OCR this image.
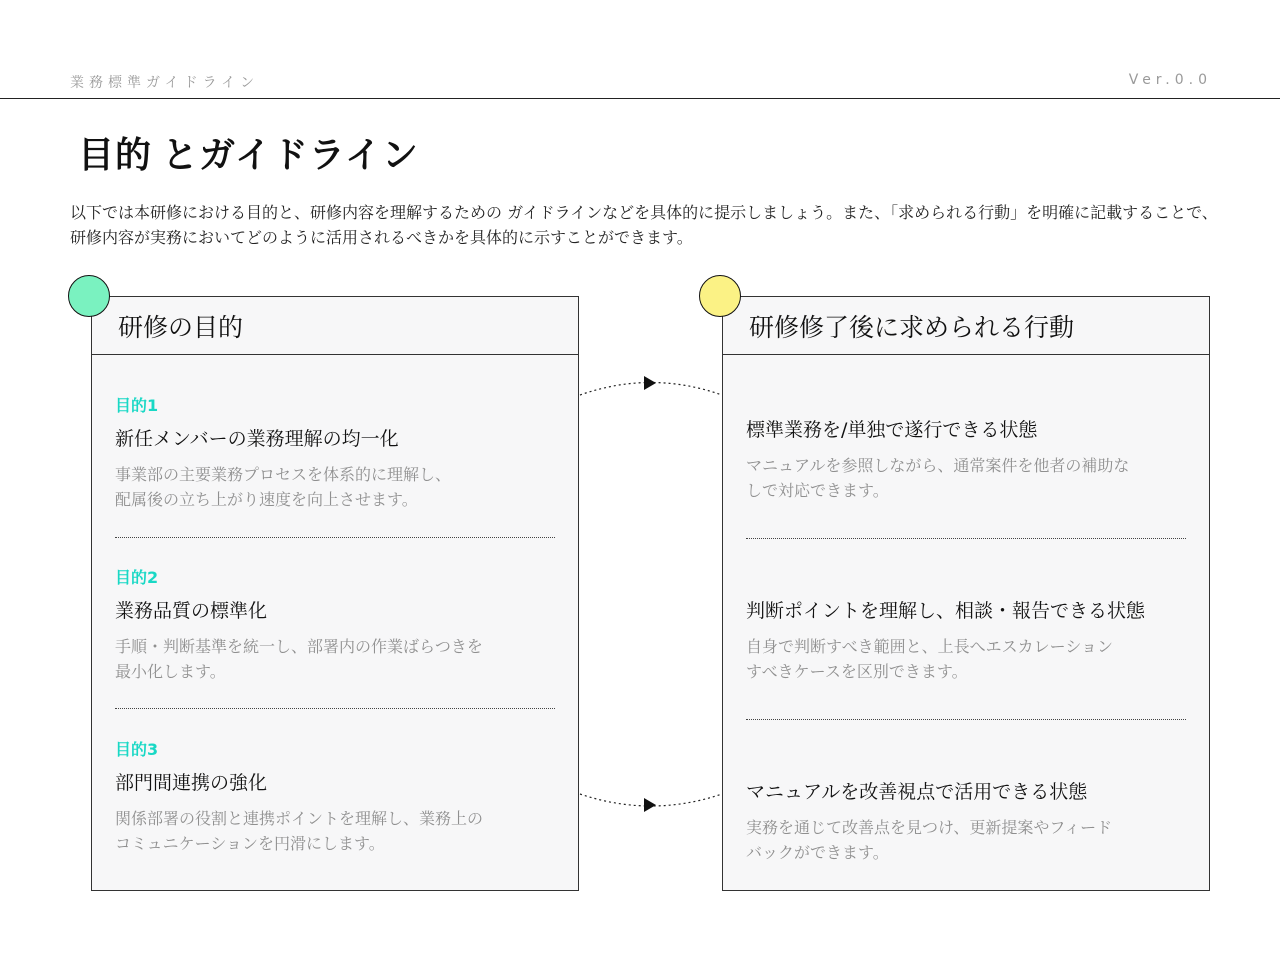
業務標準ガイドライン	Ver.0.0
目的 とガイドライン
以下では本研修における目的と、研修内容を理解するための ガイドラインなどを具体的に提示しましょう。また、「求められる行動」を明確に記載することで、研修内容が実務においてどのように活用されるべきかを具体的に示すことができます。
研修の目的
目的1
新任メンバーの業務理解の均一化
事業部の主要業務プロセスを体系的に理解し、
配属後の立ち上がり速度を向上させます。
目的2
業務品質の標準化
手順・判断基準を統一し、部署内の作業ばらつきを
最小化します。
目的3
部門間連携の強化
関係部署の役割と連携ポイントを理解し、業務上の
コミュニケーションを円滑にします。
研修修了後に求められる行動
標準業務を/単独で遂行できる状態
マニュアルを参照しながら、通常案件を他者の補助な
しで対応できます。
判断ポイントを理解し、相談・報告できる状態
自身で判断すべき範囲と、上長へエスカレーション
すべきケースを区別できます。
マニュアルを改善視点で活用できる状態
実務を通じて改善点を見つけ、更新提案やフィード
バックができます。
